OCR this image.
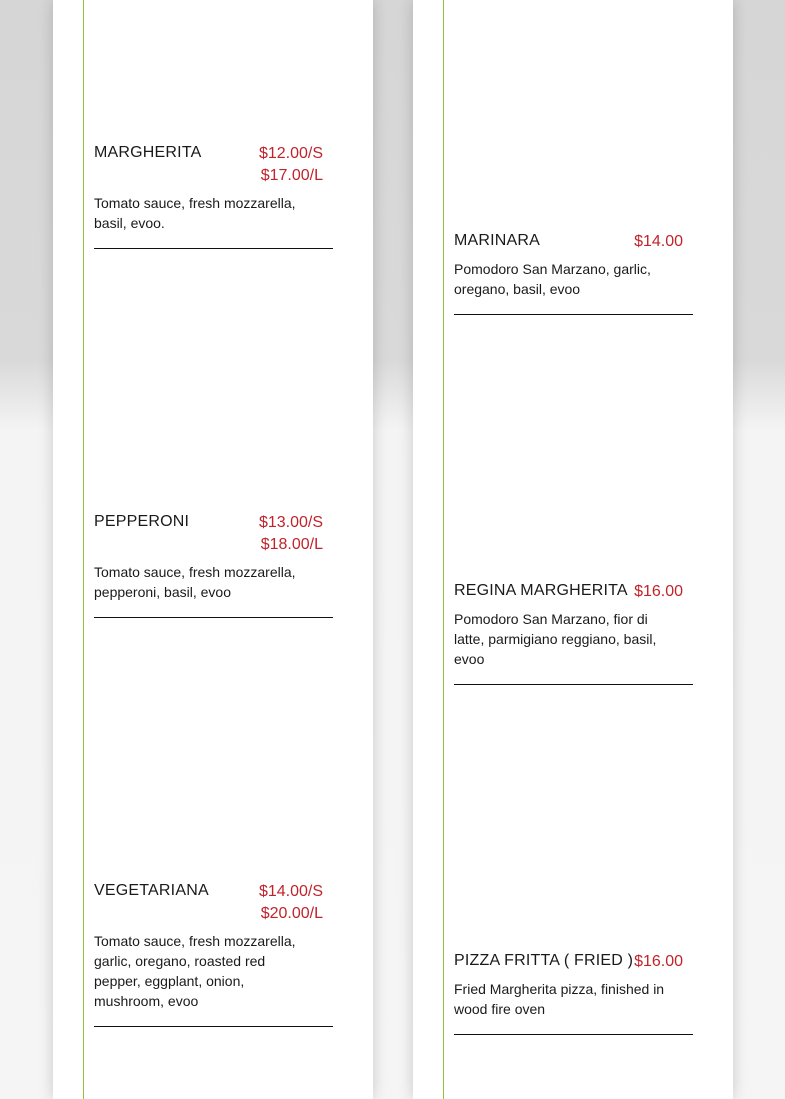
MARGHERITA	$12.00/S
$17.00/L
Tomato sauce, fresh mozzarella, basil, evoo.
PEPPERONI	$13.00/S
$18.00/L
Tomato sauce, fresh mozzarella, pepperoni, basil, evoo
VEGETARIANA	$14.00/S
$20.00/L
Tomato sauce, fresh mozzarella, garlic, oregano, roasted red pepper, eggplant, onion, mushroom, evoo
MARINARA	$14.00
Pomodoro San Marzano, garlic, oregano, basil, evoo
REGINA MARGHERITA $16.00
Pomodoro San Marzano, fior di latte, parmigiano reggiano, basil, evoo
PIZZA FRITTA ( FRIED ) $16.00
Fried Margherita pizza, finished in wood fire oven
